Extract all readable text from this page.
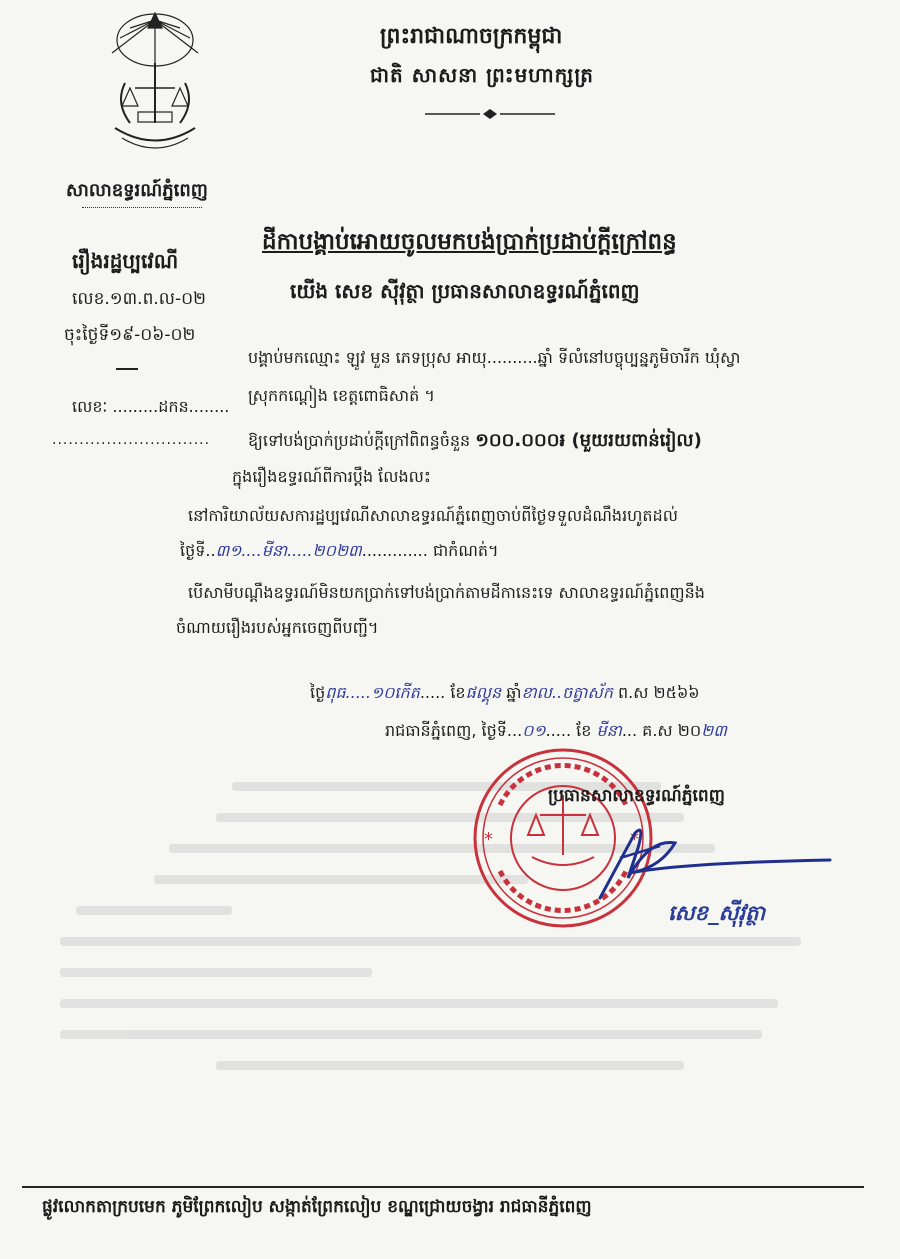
ព្រះរាជាណាចក្រកម្ពុជា
ជាតិ សាសនា ព្រះមហាក្សត្រ
សាលាឧទ្ធរណ៍ភ្នំពេញ
ដីកាបង្គាប់អោយចូលមកបង់ប្រាក់ប្រដាប់ក្ដីក្រៅពន្ធ
យើង សេខ ស៊ីវុត្ថា ប្រធានសាលាឧទ្ធរណ៍ភ្នំពេញ
រឿងរដ្ឋប្បវេណី
លេខ.១៣.ព.ល-០២
ចុះថ្ងៃទី១៩-០៦-០២
លេខៈ .........ដកន........
.............................
បង្គាប់មកឈ្មោះ ឡូវ មួន ភេទប្រុស អាយុ..........ឆ្នាំ ទីលំនៅបច្ចុប្បន្នភូមិចារីក ឃុំស្វា
ស្រុកកណ្ដៀង ខេត្តពោធិសាត់ ។
ឱ្យទៅបង់ប្រាក់ប្រដាប់ក្ដីក្រៅពិពន្ធចំនួន ១០០.០០០៛ (មួយរយពាន់រៀល)
ក្នុងរឿងឧទ្ធរណ៍ពីការប្ដឹង លែងលះ
នៅការិយាល័យសការដ្ឋប្បវេណីសាលាឧទ្ធរណ៍ភ្នំពេញចាប់ពីថ្ងៃទទួលដំណឹងរហូតដល់
ថ្ងៃទី..៣១....មីនា.....២០២៣............. ជាកំណត់។
បើសាមីបណ្ដឹងឧទ្ធរណ៍មិនយកប្រាក់ទៅបង់ប្រាក់តាមដីកានេះទេ សាលាឧទ្ធរណ៍ភ្នំពេញនឹង
ចំណាយរឿងរបស់អ្នកចេញពីបញ្ជី។
ថ្ងៃពុធ.....១០កើត..... ខែផល្គុន ឆ្នាំខាល..ចត្វាស័ក ព.ស ២៥៦៦
រាជធានីភ្នំពេញ, ថ្ងៃទី...០១..... ខែ មីនា... គ.ស ២០២៣
*	*
ប្រធានសាលាឧទ្ធរណ៍ភ្នំពេញ
សេខ_ស៊ីវុត្ថា
ផ្លូវលោកតាក្របមេក ភូមិព្រែកលៀប សង្កាត់ព្រែកលៀប ខណ្ឌជ្រោយចង្វារ រាជធានីភ្នំពេញ
